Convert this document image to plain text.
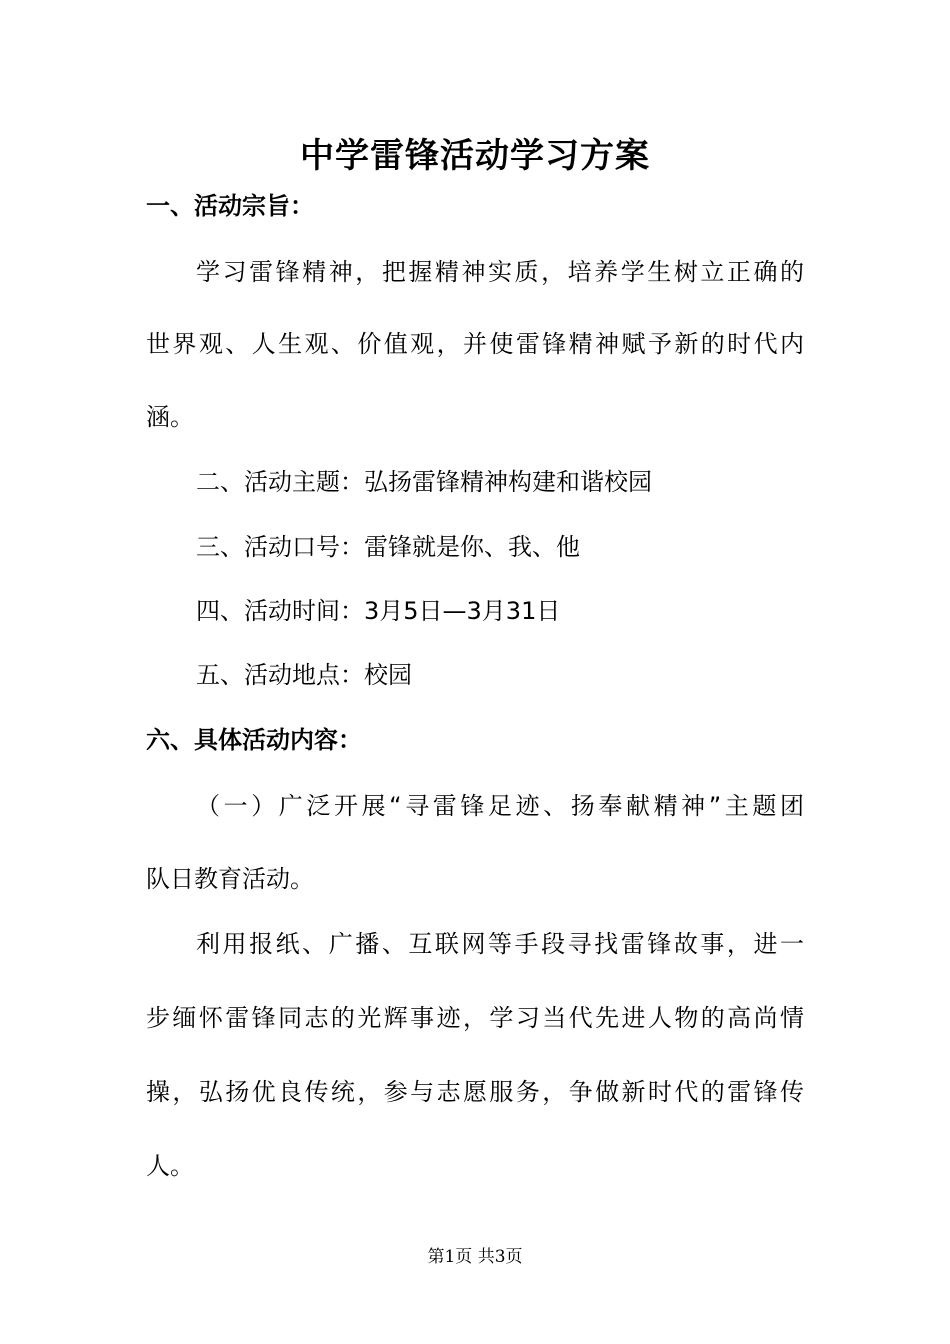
中学雷锋活动学习方案

一、活动宗旨：

学习雷锋精神，把握精神实质，培养学生树立正确的

世界观、人生观、价值观，并使雷锋精神赋予新的时代内

涵。

二、活动主题：弘扬雷锋精神构建和谐校园

三、活动口号：雷锋就是你、我、他

四、活动时间：3月5日—3月31日

五、活动地点：校园

六、具体活动内容：

（一）广泛开展“寻雷锋足迹、扬奉献精神”主题团

队日教育活动。

利用报纸、广播、互联网等手段寻找雷锋故事，进一

步缅怀雷锋同志的光辉事迹，学习当代先进人物的高尚情

操，弘扬优良传统，参与志愿服务，争做新时代的雷锋传

人。

第1页 共3页
